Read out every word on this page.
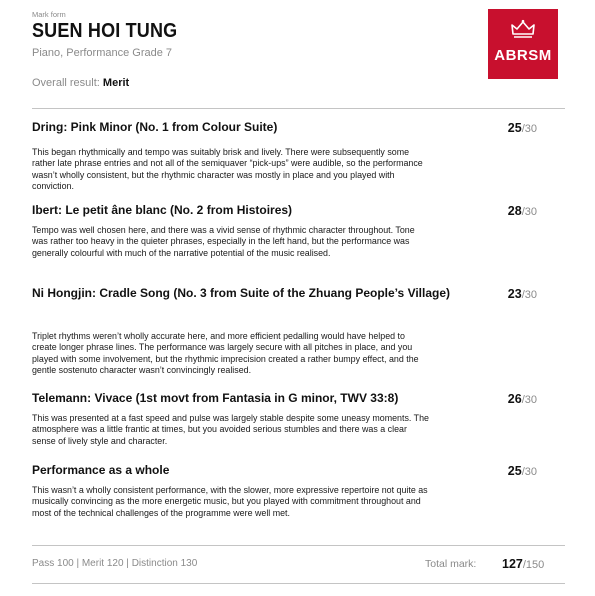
Mark form
SUEN HOI TUNG
Piano, Performance Grade 7
Overall result: Merit
ABRSM
Dring: Pink Minor (No. 1 from Colour Suite)	25/30
This began rhythmically and tempo was suitably brisk and lively. There were subsequently some rather late phrase entries and not all of the semiquaver “pick-ups” were audible, so the performance wasn’t wholly consistent, but the rhythmic character was mostly in place and you played with conviction.
Ibert: Le petit âne blanc (No. 2 from Histoires)	28/30
Tempo was well chosen here, and there was a vivid sense of rhythmic character throughout. Tone was rather too heavy in the quieter phrases, especially in the left hand, but the performance was generally colourful with much of the narrative potential of the music realised.
Ni Hongjin: Cradle Song (No. 3 from Suite of the Zhuang People’s Village)	23/30
Triplet rhythms weren’t wholly accurate here, and more efficient pedalling would have helped to create longer phrase lines. The performance was largely secure with all pitches in place, and you played with some involvement, but the rhythmic imprecision created a rather bumpy effect, and the gentle sostenuto character wasn’t convincingly realised.
Telemann: Vivace (1st movt from Fantasia in G minor, TWV 33:8)	26/30
This was presented at a fast speed and pulse was largely stable despite some uneasy moments. The atmosphere was a little frantic at times, but you avoided serious stumbles and there was a clear sense of lively style and character.
Performance as a whole	25/30
This wasn’t a wholly consistent performance, with the slower, more expressive repertoire not quite as musically convincing as the more energetic music, but you played with commitment throughout and most of the technical challenges of the programme were well met.
Pass 100 | Merit 120 | Distinction 130	Total mark: 127/150
